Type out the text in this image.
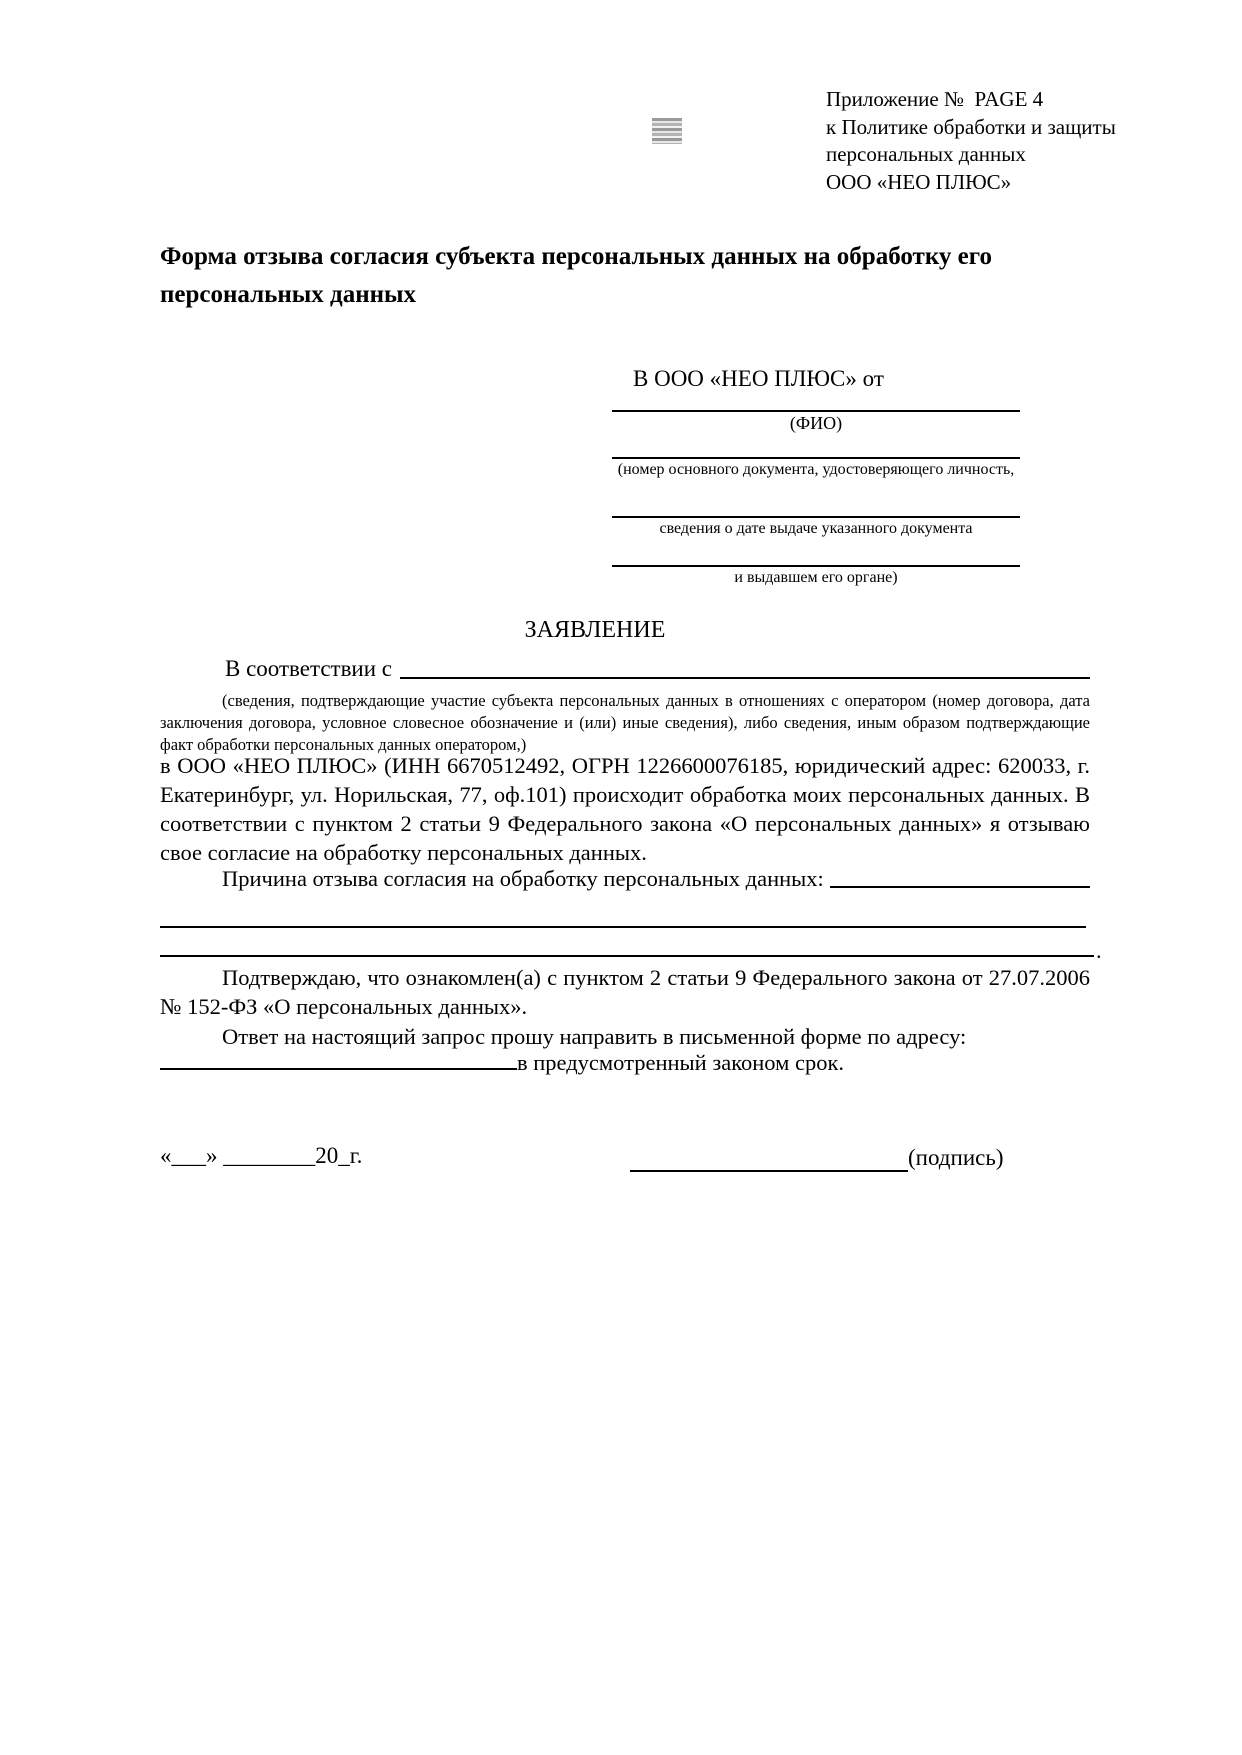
Приложение №  PAGE 4
к Политике обработки и защиты
персональных данных
ООО «НЕО ПЛЮС»
Форма отзыва согласия субъекта персональных данных на обработку его персональных данных
В ООО «НЕО ПЛЮС» от
(ФИО)
(номер основного документа, удостоверяющего личность,
сведения о дате выдаче указанного документа
и выдавшем его органе)
ЗАЯВЛЕНИЕ
В соответствии с
(сведения, подтверждающие участие субъекта персональных данных в отношениях с оператором (номер договора, дата заключения договора, условное словесное обозначение и (или) иные сведения), либо сведения, иным образом подтверждающие факт обработки персональных данных оператором,)
в ООО «НЕО ПЛЮС» (ИНН 6670512492, ОГРН 1226600076185, юридический адрес: 620033, г. Екатеринбург, ул. Норильская, 77, оф.101) происходит обработка моих персональных данных. В соответствии с пунктом 2 статьи 9 Федерального закона «О персональных данных» я отзываю свое согласие на обработку персональных данных.
Причина отзыва согласия на обработку персональных данных:
.
Подтверждаю, что ознакомлен(а) с пунктом 2 статьи 9 Федерального закона от 27.07.2006 № 152-ФЗ «О персональных данных».
Ответ на настоящий запрос прошу направить в письменной форме по адресу:
в предусмотренный законом срок.
«___» ________20_г.	(подпись)
